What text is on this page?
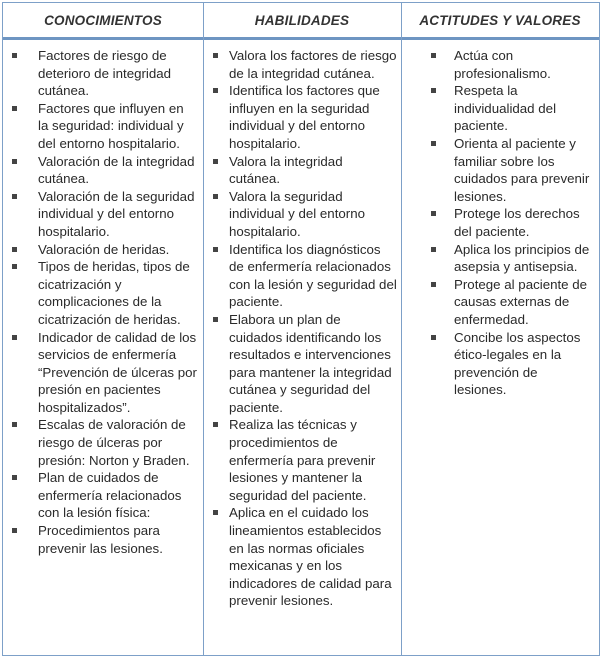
CONOCIMIENTOS	HABILIDADES	ACTITUDES Y VALORES
Factores de riesgo de deterioro de integridad cutánea.
Factores que influyen en la seguridad: individual y del entorno hospitalario.
Valoración de la integridad cutánea.
Valoración de la seguridad individual y del entorno hospitalario.
Valoración de heridas.
Tipos de heridas, tipos de cicatrización y complicaciones de la cicatrización de heridas.
Indicador de calidad de los servicios de enfermería “Prevención de úlceras por presión en pacientes hospitalizados”.
Escalas de valoración de riesgo de úlceras por presión: Norton y Braden.
Plan de cuidados de enfermería relacionados con la lesión física:
Procedimientos para prevenir las lesiones.
Valora los factores de riesgo de la integridad cutánea.
Identifica los factores que influyen en la seguridad individual y del entorno hospitalario.
Valora la integridad cutánea.
Valora la seguridad individual y del entorno hospitalario.
Identifica los diagnósticos de enfermería relacionados con la lesión y seguridad del paciente.
Elabora un plan de cuidados identificando los resultados e intervenciones para mantener la integridad cutánea y seguridad del paciente.
Realiza las técnicas y procedimientos de enfermería para prevenir lesiones y mantener la seguridad del paciente.
Aplica en el cuidado los lineamientos establecidos en las normas oficiales mexicanas y en los indicadores de calidad para prevenir lesiones.
Actúa con profesionalismo.
Respeta la individualidad del paciente.
Orienta al paciente y familiar sobre los cuidados para prevenir lesiones.
Protege los derechos del paciente.
Aplica los principios de asepsia y antisepsia.
Protege al paciente de causas externas de enfermedad.
Concibe los aspectos ético-legales en la prevención de lesiones.
